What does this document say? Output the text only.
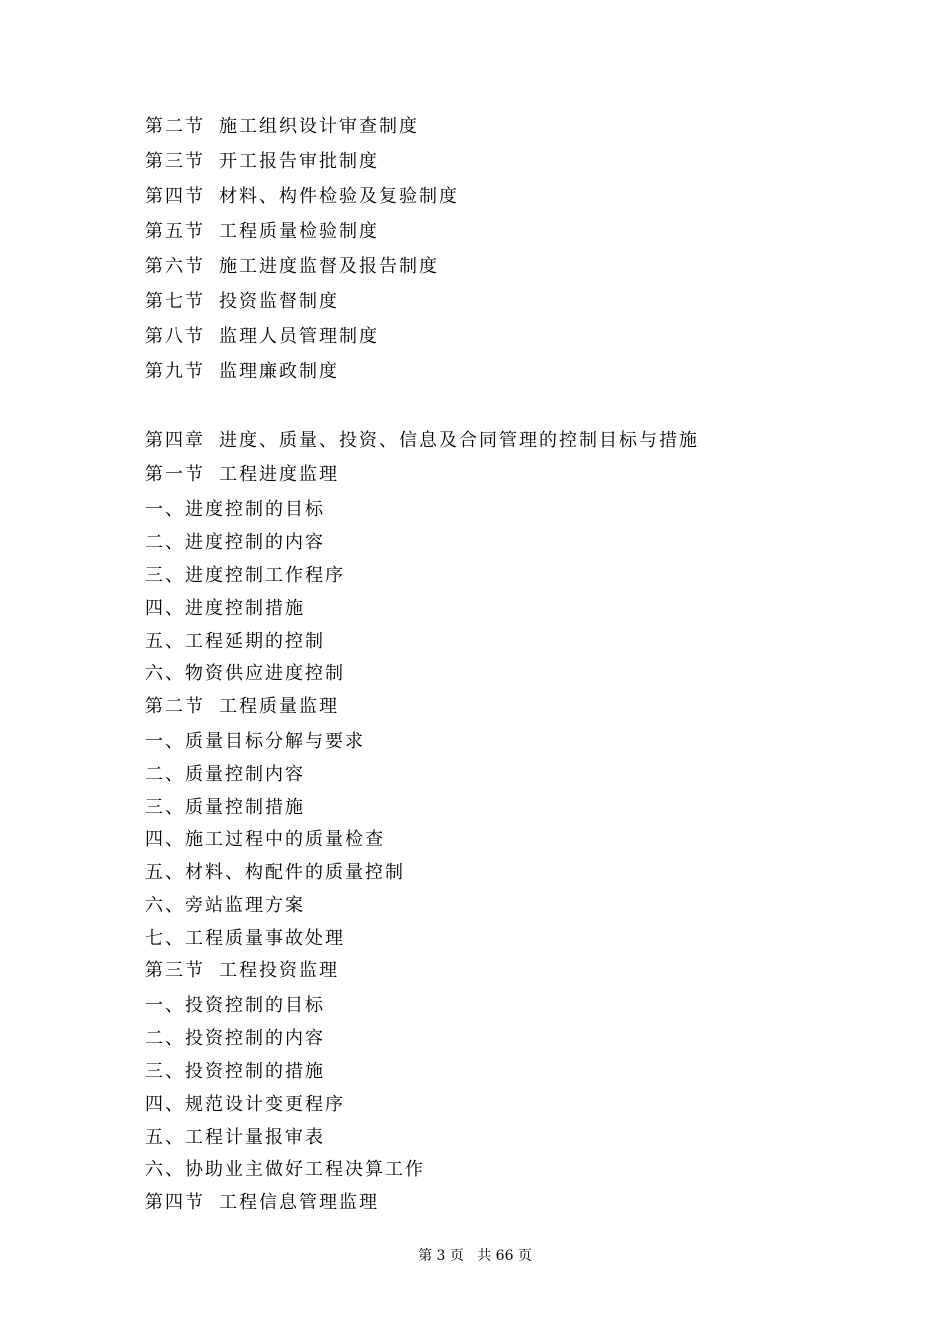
第二节 施工组织设计审查制度
第三节 开工报告审批制度
第四节 材料、构件检验及复验制度
第五节 工程质量检验制度
第六节 施工进度监督及报告制度
第七节 投资监督制度
第八节 监理人员管理制度
第九节 监理廉政制度
第四章 进度、质量、投资、信息及合同管理的控制目标与措施
第一节 工程进度监理
一、进度控制的目标
二、进度控制的内容
三、进度控制工作程序
四、进度控制措施
五、工程延期的控制
六、物资供应进度控制
第二节 工程质量监理
一、质量目标分解与要求
二、质量控制内容
三、质量控制措施
四、施工过程中的质量检查
五、材料、构配件的质量控制
六、旁站监理方案
七、工程质量事故处理
第三节 工程投资监理
一、投资控制的目标
二、投资控制的内容
三、投资控制的措施
四、规范设计变更程序
五、工程计量报审表
六、协助业主做好工程决算工作
第四节 工程信息管理监理
第 3 页   共 66 页
